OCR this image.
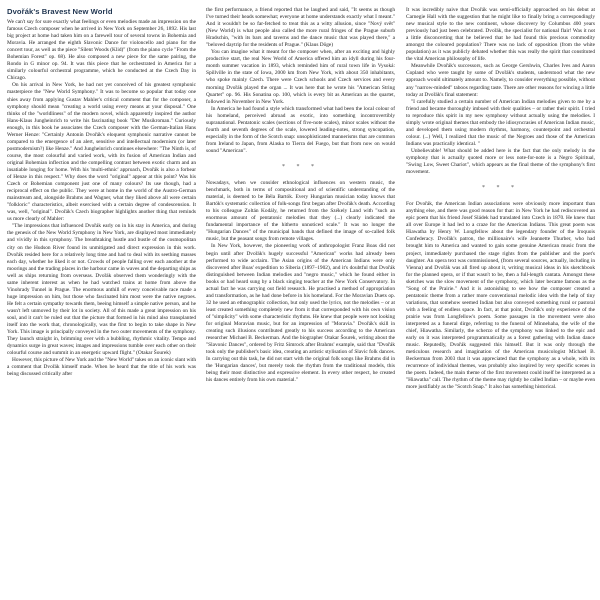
We can't say for sure exactly what feelings or even melodies made an impression on the famous Czech composer when he arrived in New York on September 26, 1892. His last big project at home had taken him on a farewell tour of several towns in Bohemia and Moravia. He arranged the eighth Slavonic Dance for violoncello and piano for the concert tour, as well as the piece "Silent Woods (Klid)" (from the piano cycle "From the Bohemian Forest" op. 68). He also composed a new piece for the same pairing, the Rondo in G minor op. 94. It was this piece that he orchestrated in America for a similarly colourful orchestral programme, which he conducted at the Czech Day in Chicago.

On his arrival in New York, he had not yet conceived of his greatest symphonic masterpiece the "New World Symphony." It was to become so popular that today one shies away from applying Gustav Mahler's critical comment that for the composer, a symphony should mean "creating a world using every means at your disposal." One thinks of the "worldliness" of the modern novel, which apparently inspired the author Hans-Klaus Jungheinrich to write his fascinating book "Der Musikroman." Curiously enough, in this book he associates the Czech composer with the German-Italian Hans Werner Henze: "Certainly Antonín Dvořák's eloquent symphonic narrative cannot be compared to the emergence of an alert, sensitive and intellectual modernism (or later postmodernism?) like Henze." And Jungheinrich continues elsewhere: "The Ninth is, of course, the most colourful and varied work, with its fusion of American Indian and original Bohemian inflection and the compelling contrast between exotic charm and an insatiable longing for home. With his 'multi-ethnic' approach, Dvořák is also a forbear of Henze in this respect." Why does the word "original" appear at this point? Was his Czech or Bohemian component just one of many colours? Its use though, had a reciprocal effect on the public. They were at home in the world of the Austro-German mainstream and, alongside Brahms and Wagner, what they liked above all were certain "folkloric" characteristics, albeit exercised with a certain degree of condescension. It was, well, "original". Dvořák's Czech biographer highlights another thing that reminds us more clearly of Mahler:

"The impressions that influenced Dvořák early on in his stay in America, and during the genesis of the New World Symphony in New York, are displayed most immediately and vividly in this symphony. The breathtaking hustle and bustle of the cosmopolitan city on the Hudson River found its unmitigated and direct expression in this work. Dvořák resided here for a relatively long time and had to deal with its seething masses each day, whether he liked it or not. Crowds of people falling over each another at the moorings and the trading places in the harbour came in waves and the departing ships as well as ships returning from overseas. Dvořák observed them wonderingly with the same inherent interest as when he had watched trains at home from above the Vinohrady Tunnel in Prague. The enormous anthill of every conceivable race made a huge impression on him, but those who fascinated him most were the native negroes. He felt a certain sympathy towards them, beeing himself a simple native person, and he wasn't left unmoved by their lot in society. All of this made a great impression on his soul, and it can't be ruled out that the picture that formed in his mind also transplanted itself into the work that, chronologically, was the first to begin to take shape in New York. This image is principally conveyed in the two outer movements of the symphony. They launch straight in, brimming over with a bubbling, rhythmic vitality. Tempo and dynamics surge in great waves; images and impressions tumble over each other on their colourful course and summit in an energetic upward flight." (Otakar Šourek)

However, this picture of New York and the "New World" takes on an iconic slant with a comment that Dvořák himself made. When he heard that the title of his work was being discussed critically after

the first performance, a friend reported that he laughed and said, "It seems as though I've turned their heads somewhat; everyone at home understands exactly what I meant." And it wouldn't be so far-fetched to treat this as a witty allusion, since "Nový svět" (New World) is what people also called the more rural fringes of the Prague suburb Hradschin, "with its bars and taverns and the dance music that was played there," a "beloved daytrip for the residents of Prague." (Klaus Döge)

You can imagine what it meant for the composer when, after an exciting and highly productive start, the real New World of America offered him an idyll during his four-month summer vacation in 1893, which reminded him of rural town life in Vysoká: Spillville in the state of Iowa, 2000 km from New York, with about 350 inhabitants, who spoke mainly Czech. There were Czech schools and Czech services and every morning Dvořák played the organ ... It was here that he wrote his "American String Quartet" op. 96. His Sonatina op. 100, which is every bit as American as the quartet, followed in November in New York.

In America he had found a style which transformed what had been the local colour of his homeland, perceived abroad as exotic, into something incontrovertibly supranational. Pentatonic scales (sections of five-note scales), minor scales without the fourth and seventh degrees of the scale, lowered leading-notes, strong syncopation, especially in the form of the Scotch snap: unsophisticated mannerisms that are common from Ireland to Japan, from Alaska to Tierra del Fuego, but that from now on would sound "American".

* * *

Nowadays, when we consider ethnological influences on western music, the benchmark, both in terms of compositional and of scientific understanding of the material, is deemed to be Béla Bartók. Every Hungarian musician today knows that Bartók's systematic collection of folk-songs first began after Dvořák's death. According to his colleague Zoltán Kodály, he returned from the Székely Land with "such an enormous amount of pentatonic melodies that they (...) clearly indicated the fundamental importance of the hitherto unnoticed scale." It was no longer the "Hungarian Dances" of the municipal bands that defined the image of so-called folk music, but the peasant songs from remote villages.

In New York, however, the pioneering work of anthropologist Franz Boas did not begin until after Dvořák's hugely successful "American" works had already been performed to wide acclaim. The Asian origins of the American Indians were only discovered after Boas' expedition to Siberia (1897–1902), and it's doubtful that Dvořák distinguished between Indian melodies and "negro music," which he found either in books or had heard sung by a black singing teacher at the New York Conservatory. In actual fact he was carrying out field research. He practised a method of appropriation and transformation, as he had done before in his homeland. For the Moravian Duets op. 32 he used an ethnographic collection, but only used the lyrics, not the melodies – or at least created something completely new from it that corresponded with his own vision of "simplicity" with some characteristic rhythms. He knew that people were not looking for original Moravian music, but for an impression of "Moravia." Dvořák's skill in creating such illusions contributed greatly to his success according to the American researcher Michael B. Beckerman. And the biographer Otakar Šourek, writing about the "Slavonic Dances", ordered by Fritz Simrock after Brahms' example, said that "Dvořák took only the publisher's basic idea, creating an artistic stylisation of Slavic folk dances. In carrying out this task, he did not start with the original folk songs like Brahms did in the 'Hungarian dances', but merely took the rhythm from the traditional models, this being their most distinctive and expressive element. In every other respect, he created his dances entirely from his own material."

It was incredibly naive that Dvořák was semi-officially approached on his debut at Carnegie Hall with the suggestion that he might like to finally bring a correspondingly new musical style to the new continent, whose discovery by Columbus 400 years previously had just been celebrated. Dvořák, the specialist for national flair! Was it not a little disconcerting that he believed that he had found this precious commodity amongst the coloured population? There was no lack of opposition (from the white population) as it was publicly debated whether this was really the spirit that constituted the vital American philosophy of life.

Meanwhile Dvořák's successors, such as George Gershwin, Charles Ives and Aaron Copland who were taught by some of Dvořák's students, understood what the new approach would ultimately amount to. Namely, to consider everything possible, without any "narrow-minded" taboos regarding taste. There are other reasons for wincing a little today at Dvořák's final statement:

"I carefully studied a certain number of American Indian melodies given to me by a friend and became thoroughly imbued with their qualities – or rather their spirit. I tried to reproduce this spirit in my new symphony without actually using the melodies. I simply wrote original themes that embody the idiosyncrasies of American Indian music, and developed them using modern rhythms, harmony, counterpoint and orchestral colour. (...) Well, I realized that the music of the Negroes and those of the American Indians was practically identical. "

Unbelievable! What should be added here is the fact that the only melody in the symphony that is actually quoted more or less note-for-note is a Negro Spiritual, "Swing Low, Sweet Chariot", which appears as the final theme of the symphony's first movement.

* * *

For Dvořák, the American Indian associations were obviously more important than anything else, and there was good reason for that: in New York he had rediscovered an epic poem that his friend Josef Sládek had translated into Czech in 1870. He knew that all over Europe it had led to a craze for the American Indians. This great poem was Hiawatha by Henry W. Longfellow about the legendary founder of the Iroquois Confederacy. Dvořák's patron, the millionaire's wife Jeannette Thurber, who had brought him to America and wanted to gain some genuine American music from the project, immediately purchased the stage rights from the publisher and the poet's daughter. An opera text was commissioned, (from several sources, actually, including in Vienna) and Dvořák was all fired up about it, writing musical ideas in his sketchbook for the planned opera, or if that wasn't to be, then a full-length cantata. Amongst these sketches was the slow movement of the symphony, which later became famous as the "Song of the Prairie." And it is astonishing to see how the composer created a pentatonic theme from a rather more conventional melodic idea with the help of tiny variations, that somehow seemed Indian but also conveyed something rural or pastoral with a feeling of endless space. In fact, at that point, Dvořák's only experience of the prairie was from Longfellow's poem. Some passages in the movement were also interpreted as a funeral dirge, referring to the funeral of Minnehaha, the wife of the chief, Hiawatha. Similarly, the scherzo of the symphony was linked to the epic and early on it was interpreted programmatically as a forest gathering with Indian dance music. Reputedly, Dvořák suggested this himself. But it was only through the meticulous research and imagination of the American musicologist Michael B. Beckerman from 2003 that it was appreciated that the symphony as a whole, with its recurrence of individual themes, was probably also inspired by very specific scenes in the poem. Indeed, the main theme of the first movement could itself be interpreted as a "Hiawatha" call. The rhythm of the theme may rightly be called Indian – or maybe even more justifiably as the "Scotch Snap." It also has something historical.

Dvořák's Bravest New World
